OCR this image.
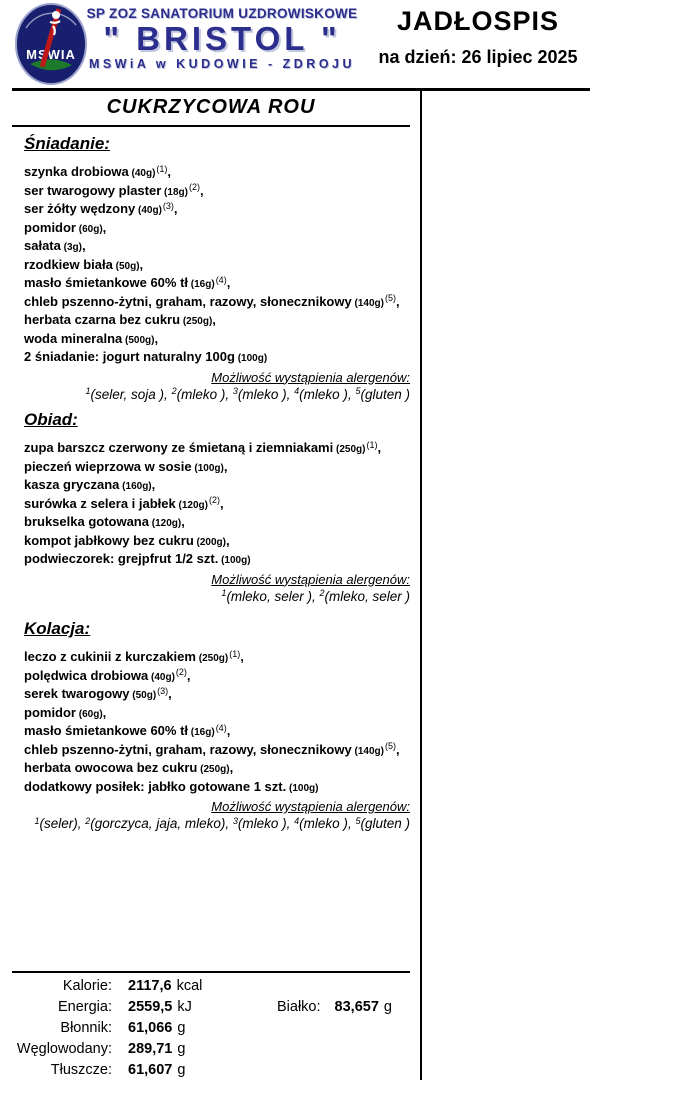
MSWIA
SP ZOZ SANATORIUM UZDROWISKOWE
" BRISTOL "
MSWiA w KUDOWIE - ZDROJU
JADŁOSPIS
na dzień: 26 lipiec 2025
CUKRZYCOWA ROU
Śniadanie:
szynka drobiowa (40g)$^{(1)}$,
ser twarogowy plaster (18g)$^{(2)}$,
ser żółty wędzony (40g)$^{(3)}$,
pomidor (60g),
sałata (3g),
rzodkiew biała (50g),
masło śmietankowe 60% tł (16g)$^{(4)}$,
chleb pszenno-żytni, graham, razowy, słonecznikowy (140g)$^{(5)}$,
herbata czarna bez cukru (250g),
woda mineralna (500g),
2 śniadanie: jogurt naturalny 100g (100g)
Możliwość wystąpienia alergenów:
$^1$(seler, soja ), $^2$(mleko ), $^3$(mleko ), $^4$(mleko ), $^5$(gluten )
Obiad:
zupa barszcz czerwony ze śmietaną i ziemniakami (250g)$^{(1)}$,
pieczeń wieprzowa w sosie (100g),
kasza gryczana (160g),
surówka z selera i jabłek (120g)$^{(2)}$,
brukselka gotowana (120g),
kompot jabłkowy bez cukru (200g),
podwieczorek: grejpfrut 1/2 szt. (100g)
Możliwość wystąpienia alergenów:
$^1$(mleko, seler ), $^2$(mleko, seler )
Kolacja:
leczo z cukinii z kurczakiem (250g)$^{(1)}$,
polędwica drobiowa (40g)$^{(2)}$,
serek twarogowy (50g)$^{(3)}$,
pomidor (60g),
masło śmietankowe 60% tł (16g)$^{(4)}$,
chleb pszenno-żytni, graham, razowy, słonecznikowy (140g)$^{(5)}$,
herbata owocowa bez cukru (250g),
dodatkowy posiłek: jabłko gotowane 1 szt. (100g)
Możliwość wystąpienia alergenów:
$^1$(seler), $^2$(gorczyca, jaja, mleko), $^3$(mleko ), $^4$(mleko ), $^5$(gluten )
Kalorie: 2117,6 kcal
Energia: 2559,5 kJ	Białko: 83,657 g
Błonnik: 61,066 g
Węglowodany: 289,71 g
Tłuszcze: 61,607 g
